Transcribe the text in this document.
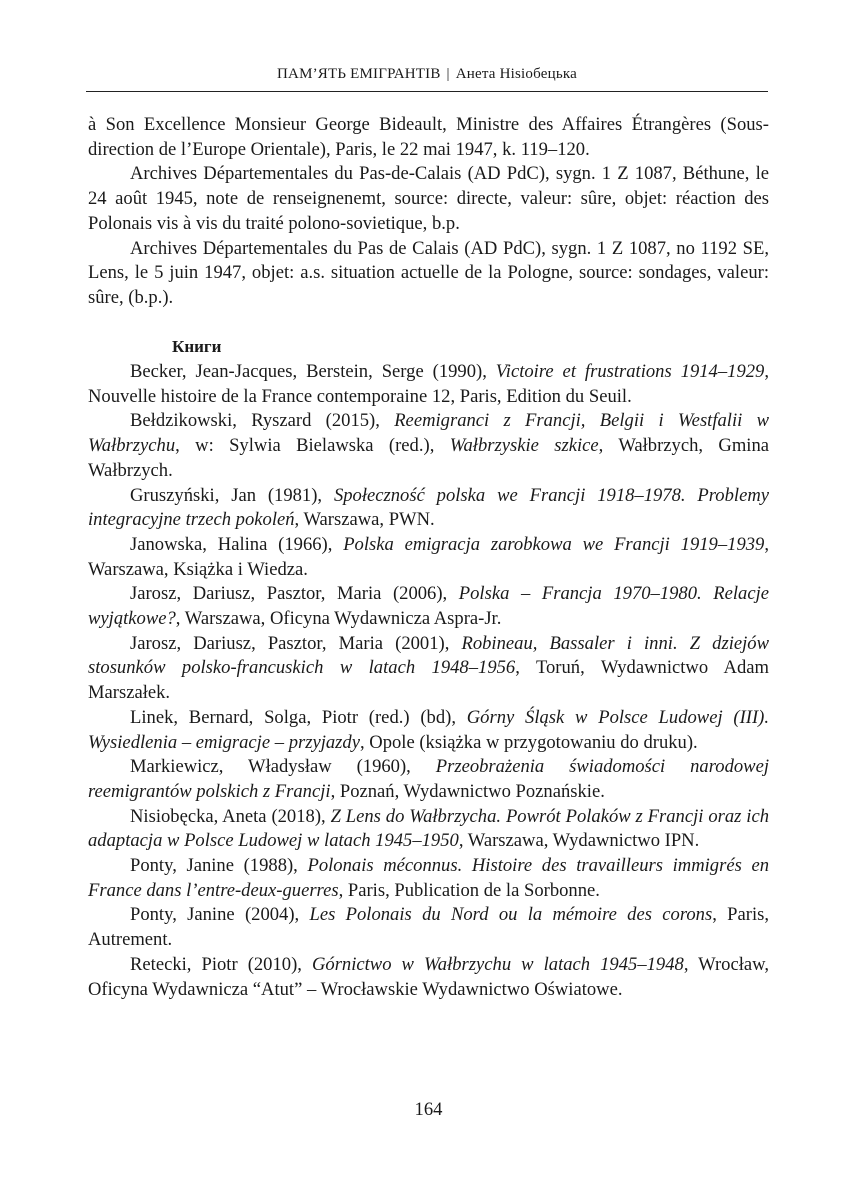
ПАМ’ЯТЬ ЕМІГРАНТІВ | Анета Ніsiобецька

à Son Excellence Monsieur George Bideault, Ministre des Affaires Étrangères (Sous-direction de l’Europe Orientale), Paris, le 22 mai 1947, k. 119–120.

Archives Départementales du Pas-de-Calais (AD PdC), sygn. 1 Z 1087, Béthune, le 24 août 1945, note de renseignenemt, source: directe, valeur: sûre, objet: réaction des Polonais vis à vis du traité polono-sovietique, b.p.

Archives Départementales du Pas de Calais (AD PdC), sygn. 1 Z 1087, no 1192 SE, Lens, le 5 juin 1947, objet: a.s. situation actuelle de la Pologne, source: sondages, valeur: sûre, (b.p.).

Книги

Becker, Jean-Jacques, Berstein, Serge (1990), Victoire et frustrations 1914–1929, Nouvelle histoire de la France contemporaine 12, Paris, Edition du Seuil.

Bełdzikowski, Ryszard (2015), Reemigranci z Francji, Belgii i Westfalii w Wałbrzychu, w: Sylwia Bielawska (red.), Wałbrzyskie szkice, Wałbrzych, Gmina Wałbrzych.

Gruszyński, Jan (1981), Społeczność polska we Francji 1918–1978. Problemy integracyjne trzech pokoleń, Warszawa, PWN.

Janowska, Halina (1966), Polska emigracja zarobkowa we Francji 1919–1939, Warszawa, Książka i Wiedza.

Jarosz, Dariusz, Pasztor, Maria (2006), Polska – Francja 1970–1980. Relacje wyjątkowe?, Warszawa, Oficyna Wydawnicza Aspra-Jr.

Jarosz, Dariusz, Pasztor, Maria (2001), Robineau, Bassaler i inni. Z dziejów stosunków polsko-francuskich w latach 1948–1956, Toruń, Wydawnictwo Adam Marszałek.

Linek, Bernard, Solga, Piotr (red.) (bd), Górny Śląsk w Polsce Ludowej (III). Wysiedlenia – emigracje – przyjazdy, Opole (książka w przygotowaniu do druku).

Markiewicz, Władysław (1960), Przeobrażenia świadomości narodowej reemigrantów polskich z Francji, Poznań, Wydawnictwo Poznańskie.

Nisiobęcka, Aneta (2018), Z Lens do Wałbrzycha. Powrót Polaków z Francji oraz ich adaptacja w Polsce Ludowej w latach 1945–1950, Warszawa, Wydawnictwo IPN.

Ponty, Janine (1988), Polonais méconnus. Histoire des travailleurs immigrés en France dans l’entre-deux-guerres, Paris, Publication de la Sorbonne.

Ponty, Janine (2004), Les Polonais du Nord ou la mémoire des corons, Paris, Autrement.

Retecki, Piotr (2010), Górnictwo w Wałbrzychu w latach 1945–1948, Wrocław, Oficyna Wydawnicza “Atut” – Wrocławskie Wydawnictwo Oświatowe.

164
